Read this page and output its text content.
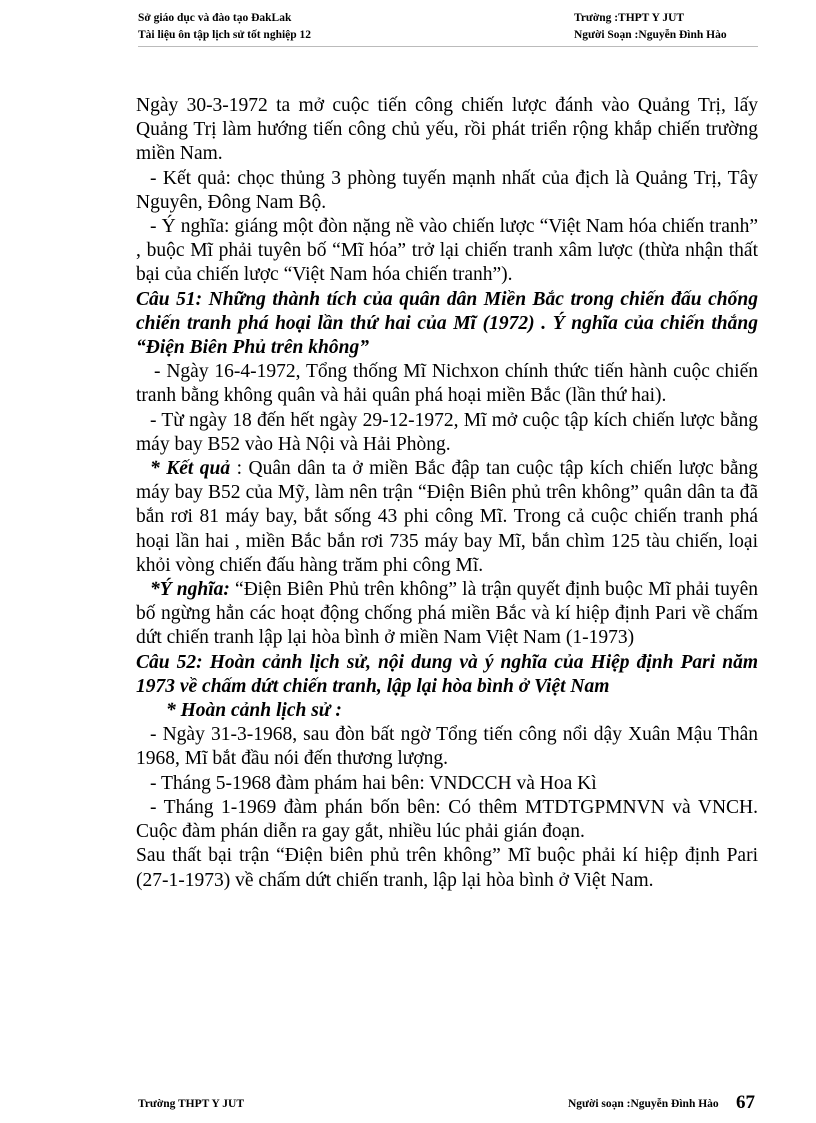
Sở giáo dục và đào tạo ĐakLak
Tài liệu ôn tập lịch sử tốt nghiệp 12
Trường :THPT Y JUT
Người Soạn :Nguyễn Đình Hào

Ngày 30-3-1972 ta mở cuộc tiến công chiến lược đánh vào Quảng Trị, lấy Quảng Trị làm hướng tiến công chủ yếu, rồi phát triển rộng khắp chiến trường miền Nam.

- Kết quả: chọc thủng 3 phòng tuyến mạnh nhất của địch là Quảng Trị, Tây Nguyên, Đông Nam Bộ.

- Ý nghĩa: giáng một đòn nặng nề vào chiến lược “Việt Nam hóa chiến tranh” , buộc Mĩ phải tuyên bố “Mĩ hóa” trở lại chiến tranh xâm lược (thừa nhận thất bại của chiến lược “Việt Nam hóa chiến tranh”).

Câu 51: Những thành tích của quân dân Miền Bắc trong chiến đấu chống chiến tranh phá hoại lần thứ hai của Mĩ (1972) . Ý nghĩa của chiến thắng “Điện Biên Phủ trên không”

- Ngày 16-4-1972, Tổng thống Mĩ Nichxon chính thức tiến hành cuộc chiến tranh bằng không quân và hải quân phá hoại miền Bắc (lần thứ hai).

- Từ ngày 18 đến hết ngày 29-12-1972, Mĩ mở cuộc tập kích chiến lược bằng máy bay B52 vào Hà Nội và Hải Phòng.

* Kết quả : Quân dân ta ở miền Bắc đập tan cuộc tập kích chiến lược bằng máy bay B52 của Mỹ, làm nên trận “Điện Biên phủ trên không” quân dân ta đã bắn rơi 81 máy bay, bắt sống 43 phi công Mĩ. Trong cả cuộc chiến tranh phá hoại lần hai , miền Bắc bắn rơi 735 máy bay Mĩ, bắn chìm 125 tàu chiến, loại khỏi vòng chiến đấu hàng trăm phi công Mĩ.

*Ý nghĩa: “Điện Biên Phủ trên không” là trận quyết định buộc Mĩ phải tuyên bố ngừng hẳn các hoạt động chống phá miền Bắc và kí hiệp định Pari về chấm dứt chiến tranh lập lại hòa bình ở miền Nam Việt Nam (1-1973)

Câu 52: Hoàn cảnh lịch sử, nội dung và ý nghĩa của Hiệp định Pari năm 1973 về chấm dứt chiến tranh, lập lại hòa bình ở Việt Nam

* Hoàn cảnh lịch sử :

- Ngày 31-3-1968, sau đòn bất ngờ Tổng tiến công nổi dậy Xuân Mậu Thân 1968, Mĩ bắt đầu nói đến thương lượng.

- Tháng 5-1968 đàm phám hai bên: VNDCCH và Hoa Kì

- Tháng 1-1969 đàm phán bốn bên: Có thêm MTDTGPMNVN và VNCH. Cuộc đàm phán diễn ra gay gắt, nhiều lúc phải gián đoạn.

Sau thất bại trận “Điện biên phủ trên không” Mĩ buộc phải kí hiệp định Pari (27-1-1973) về chấm dứt chiến tranh, lập lại hòa bình ở Việt Nam.

Trường THPT Y JUT	Người soạn :Nguyễn Đình Hào 67
